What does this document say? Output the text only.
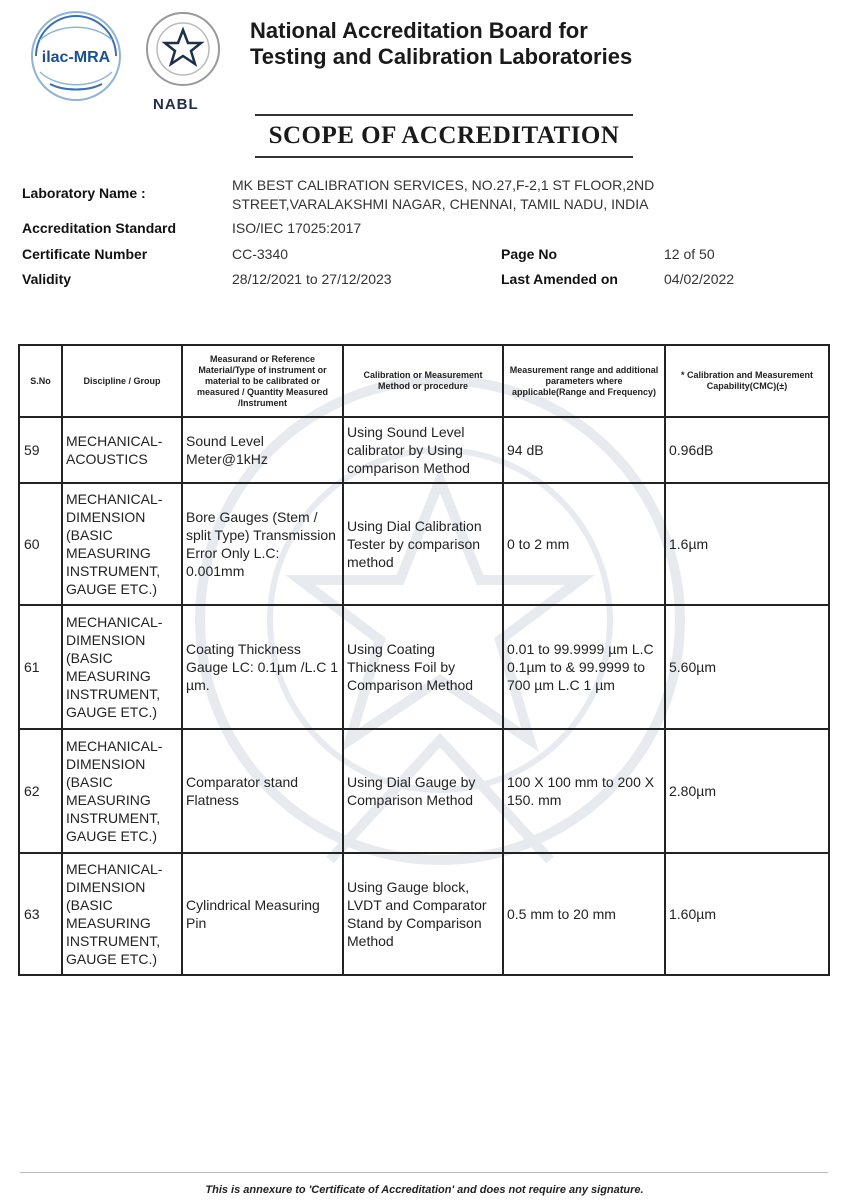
ilac-MRA
NABL
National Accreditation Board for
Testing and Calibration Laboratories
SCOPE OF ACCREDITATION
Laboratory Name :	MK BEST CALIBRATION SERVICES, NO.27,F-2,1 ST FLOOR,2ND
STREET,VARALAKSHMI NAGAR, CHENNAI, TAMIL NADU, INDIA
Accreditation Standard	ISO/IEC 17025:2017
Certificate Number	CC-3340	Page No	12 of 50
Validity	28/12/2021 to 27/12/2023	Last Amended on	04/02/2022
S.No	Discipline / Group	Measurand or Reference Material/Type of instrument or material to be calibrated or measured / Quantity Measured /Instrument	Calibration or Measurement Method or procedure	Measurement range and additional parameters where applicable(Range and Frequency)	* Calibration and Measurement Capability(CMC)(±)
59	MECHANICAL- ACOUSTICS	Sound Level Meter@1kHz	Using Sound Level calibrator by Using comparison Method	94 dB	0.96dB
60	MECHANICAL- DIMENSION (BASIC MEASURING INSTRUMENT, GAUGE ETC.)	Bore Gauges (Stem / split Type) Transmission Error Only L.C: 0.001mm	Using Dial Calibration Tester by comparison method	0 to 2 mm	1.6µm
61	MECHANICAL- DIMENSION (BASIC MEASURING INSTRUMENT, GAUGE ETC.)	Coating Thickness Gauge LC: 0.1µm /L.C 1 µm.	Using Coating Thickness Foil by Comparison Method	0.01 to 99.9999 µm L.C 0.1µm to & 99.9999 to 700 µm L.C 1 µm	5.60µm
62	MECHANICAL- DIMENSION (BASIC MEASURING INSTRUMENT, GAUGE ETC.)	Comparator stand Flatness	Using Dial Gauge by Comparison Method	100 X 100 mm to 200 X 150. mm	2.80µm
63	MECHANICAL- DIMENSION (BASIC MEASURING INSTRUMENT, GAUGE ETC.)	Cylindrical Measuring Pin	Using Gauge block, LVDT and Comparator Stand by Comparison Method	0.5 mm to 20 mm	1.60µm
This is annexure to 'Certificate of Accreditation' and does not require any signature.
